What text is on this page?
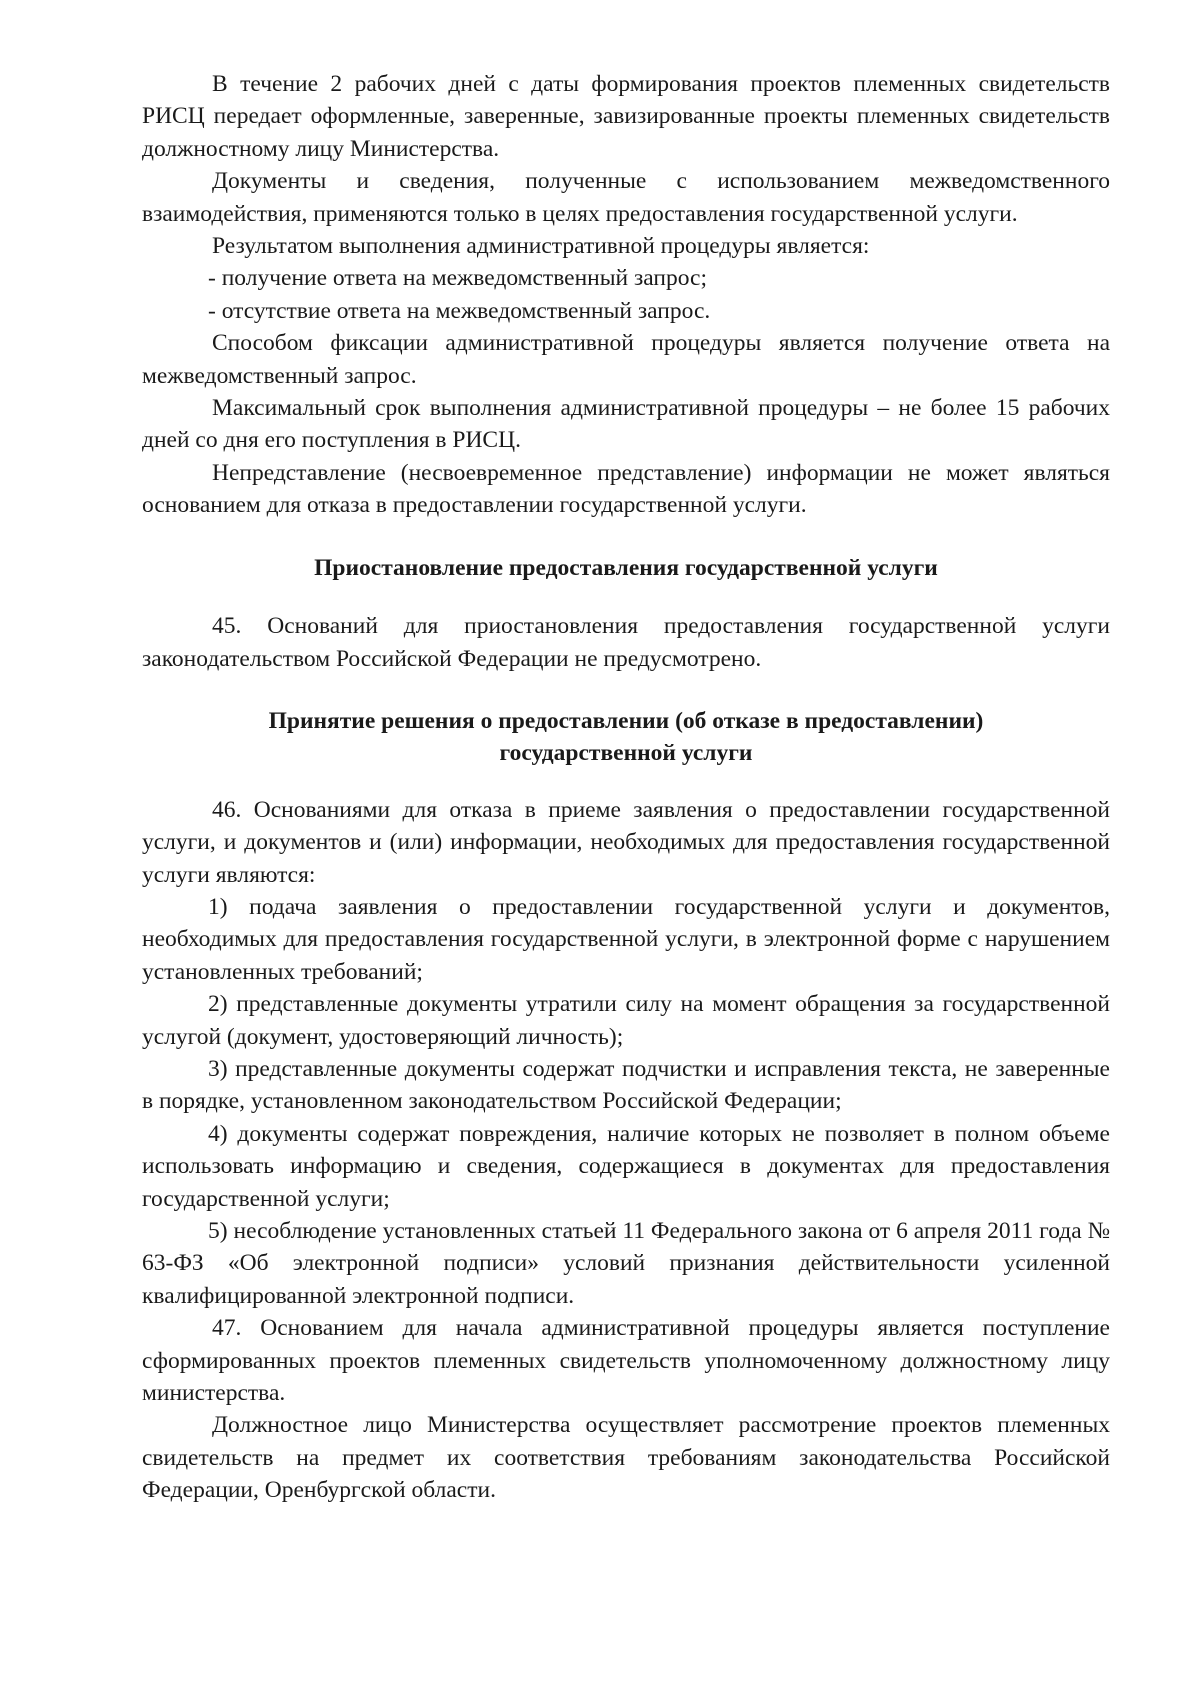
В течение 2 рабочих дней с даты формирования проектов племенных свидетельств РИСЦ передает оформленные, заверенные, завизированные проекты племенных свидетельств должностному лицу Министерства.

Документы и сведения, полученные с использованием межведомственного взаимодействия, применяются только в целях предоставления государственной услуги.

Результатом выполнения административной процедуры является:

- получение ответа на межведомственный запрос;

- отсутствие ответа на межведомственный запрос.

Способом фиксации административной процедуры является получение ответа на межведомственный запрос.

Максимальный срок выполнения административной процедуры – не более 15 рабочих дней со дня его поступления в РИСЦ.

Непредставление (несвоевременное представление) информации не может являться основанием для отказа в предоставлении государственной услуги.

Приостановление предоставления государственной услуги

45. Оснований для приостановления предоставления государственной услуги законодательством Российской Федерации не предусмотрено.

Принятие решения о предоставлении (об отказе в предоставлении)

государственной услуги

46. Основаниями для отказа в приеме заявления о предоставлении государственной услуги, и документов и (или) информации, необходимых для предоставления государственной услуги являются:

1) подача заявления о предоставлении государственной услуги и документов, необходимых для предоставления государственной услуги, в электронной форме с нарушением установленных требований;

2) представленные документы утратили силу на момент обращения за государственной услугой (документ, удостоверяющий личность);

3) представленные документы содержат подчистки и исправления текста, не заверенные в порядке, установленном законодательством Российской Федерации;

4) документы содержат повреждения, наличие которых не позволяет в полном объеме использовать информацию и сведения, содержащиеся в документах для предоставления государственной услуги;

5) несоблюдение установленных статьей 11 Федерального закона от 6 апреля 2011 года № 63-ФЗ «Об электронной подписи» условий признания действительности усиленной квалифицированной электронной подписи.

47. Основанием для начала административной процедуры является поступление сформированных проектов племенных свидетельств уполномоченному должностному лицу министерства.

Должностное лицо Министерства осуществляет рассмотрение проектов племенных свидетельств на предмет их соответствия требованиям законодательства Российской Федерации, Оренбургской области.
